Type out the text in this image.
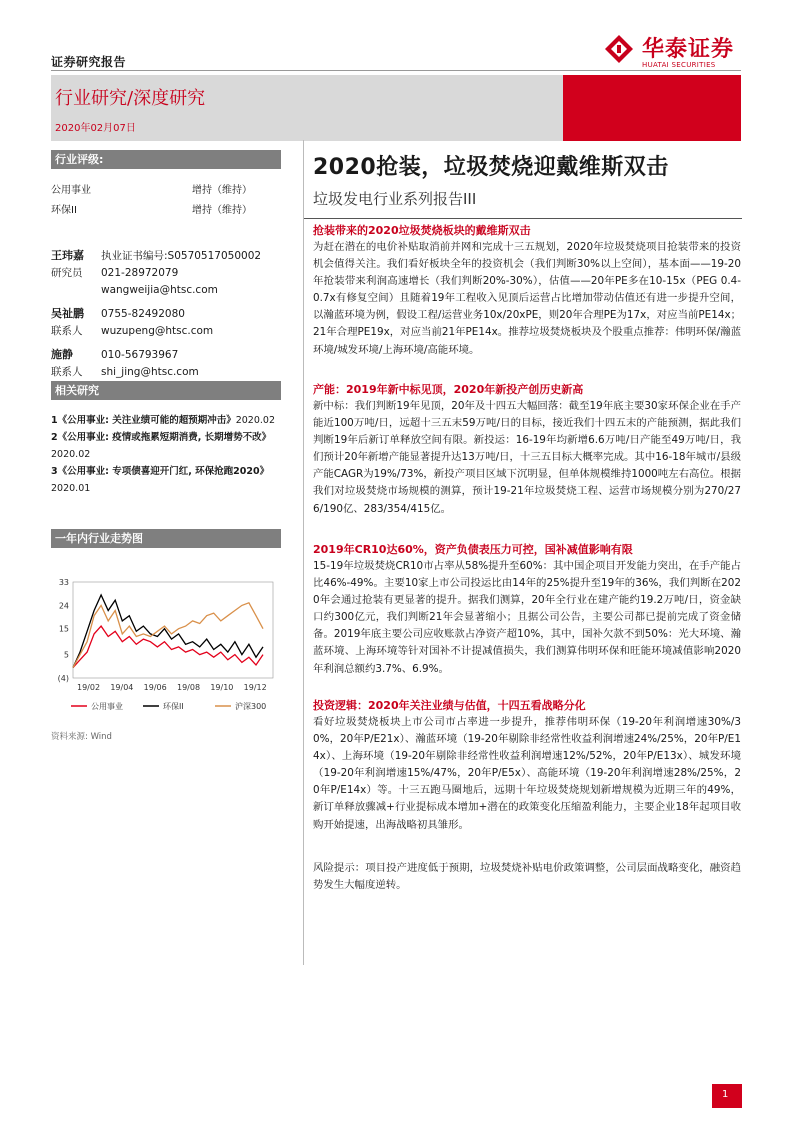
证券研究报告
行业研究/深度研究
2020年02月07日
华泰证券
HUATAI SECURITIES
行业评级:
公用事业	增持（维持）
环保II	增持（维持）
王玮嘉 执业证书编号:S0570517050002
研究员 021-28972079
wangweijia@htsc.com
吴祉鹏 0755-82492080
联系人 wuzupeng@htsc.com
施静	010-56793967
联系人 shi_jing@htsc.com
相关研究
1《公用事业: 关注业绩可能的超预期冲击》2020.02
2《公用事业: 疫情或拖累短期消费, 长期增势不改》2020.02
3《公用事业: 专项债喜迎开门红, 环保抢跑2020》2020.01
一年内行业走势图
33
24
15
5
(4)
19/02 19/04 19/06 19/08 19/10 19/12
公用事业	环保II	沪深300
资料来源: Wind
2020抢装，垃圾焚烧迎戴维斯双击
垃圾发电行业系列报告III
抢装带来的2020垃圾焚烧板块的戴维斯双击
为赶在潜在的电价补贴取消前并网和完成十三五规划，2020年垃圾焚烧项目抢装带来的投资机会值得关注。我们看好板块全年的投资机会（我们判断30%以上空间），基本面——19-20年抢装带来利润高速增长（我们判断20%-30%），估值——20年PE多在10-15x（PEG 0.4-0.7x有修复空间）且随着19年工程收入见顶后运营占比增加带动估值还有进一步提升空间，以瀚蓝环境为例，假设工程/运营业务10x/20xPE，则20年合理PE为17x，对应当前PE14x；21年合理PE19x，对应当前21年PE14x。推荐垃圾焚烧板块及个股重点推荐：伟明环保/瀚蓝环境/城发环境/上海环境/高能环境。
产能：2019年新中标见顶，2020年新投产创历史新高
新中标：我们判断19年见顶，20年及十四五大幅回落：截至19年底主要30家环保企业在手产能近100万吨/日，远超十三五末59万吨/日的目标，接近我们十四五末的产能预测，据此我们判断19年后新订单释放空间有限。新投运：16-19年均新增6.6万吨/日产能至49万吨/日，我们预计20年新增产能显著提升达13万吨/日，十三五目标大概率完成。其中16-18年城市/县级产能CAGR为19%/73%，新投产项目区域下沉明显，但单体规模维持1000吨左右高位。根据我们对垃圾焚烧市场规模的测算，预计19-21年垃圾焚烧工程、运营市场规模分别为270/276/190亿、283/354/415亿。
2019年CR10达60%，资产负债表压力可控，国补减值影响有限
15-19年垃圾焚烧CR10市占率从58%提升至60%：其中国企项目开发能力突出，在手产能占比46%-49%。主要10家上市公司投运比由14年的25%提升至19年的36%，我们判断在2020年会通过抢装有更显著的提升。据我们测算，20年全行业在建产能约19.2万吨/日，资金缺口约300亿元，我们判断21年会显著缩小；且据公司公告，主要公司都已提前完成了资金储备。2019年底主要公司应收账款占净资产超10%，其中，国补欠款不到50%：光大环境、瀚蓝环境、上海环境等针对国补不计提减值损失，我们测算伟明环保和旺能环境减值影响2020年利润总额约3.7%、6.9%。
投资逻辑：2020年关注业绩与估值，十四五看战略分化
看好垃圾焚烧板块上市公司市占率进一步提升，推荐伟明环保（19-20年利润增速30%/30%，20年P/E21x）、瀚蓝环境（19-20年剔除非经常性收益利润增速24%/25%，20年P/E14x）、上海环境（19-20年剔除非经常性收益利润增速12%/52%，20年P/E13x）、城发环境（19-20年利润增速15%/47%，20年P/E5x）、高能环境（19-20年利润增速28%/25%，20年P/E14x）等。十三五跑马圈地后，远期十年垃圾焚烧规划新增规模为近期三年的49%，新订单释放骤减+行业提标成本增加+潜在的政策变化压缩盈利能力，主要企业18年起项目收购开始提速，出海战略初具雏形。
风险提示：项目投产进度低于预期，垃圾焚烧补贴电价政策调整，公司层面战略变化，融资趋势发生大幅度逆转。
1
